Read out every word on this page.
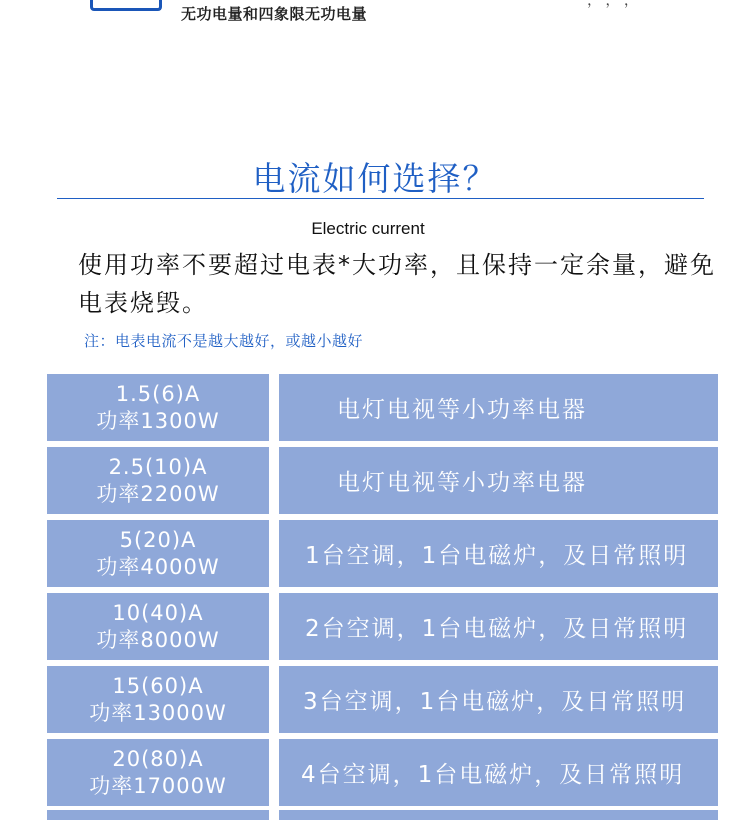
无功电量和四象限无功电量
， ， ，
电流如何选择？
Electric current
使用功率不要超过电表*大功率，且保持一定余量，避免电表烧毁。
注：电表电流不是越大越好，或越小越好
1.5(6)A
功率1300W	电灯电视等小功率电器
2.5(10)A
功率2200W	电灯电视等小功率电器
5(20)A
功率4000W	1台空调，1台电磁炉，及日常照明
10(40)A
功率8000W	2台空调，1台电磁炉，及日常照明
15(60)A
功率13000W	3台空调，1台电磁炉，及日常照明
20(80)A
功率17000W	4台空调，1台电磁炉，及日常照明
